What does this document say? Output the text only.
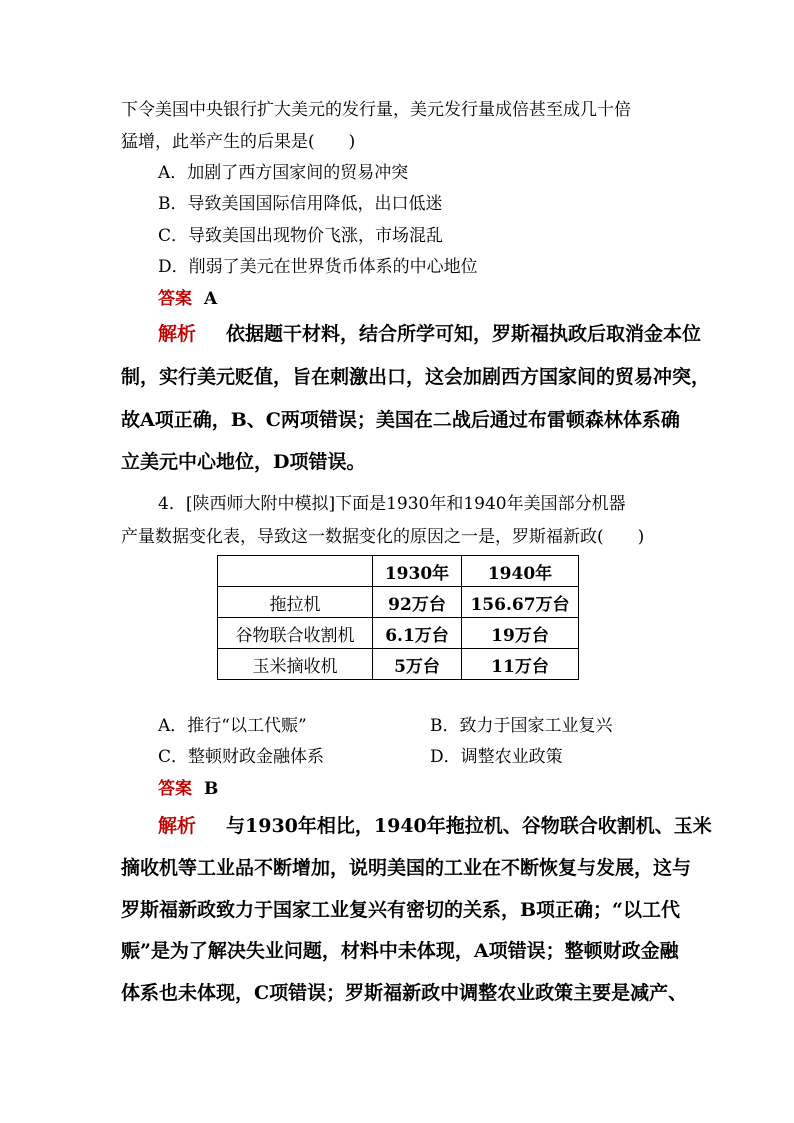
下令美国中央银行扩大美元的发行量，美元发行量成倍甚至成几十倍
猛增，此举产生的后果是(　　)
A．加剧了西方国家间的贸易冲突
B．导致美国国际信用降低，出口低迷
C．导致美国出现物价飞涨，市场混乱
D．削弱了美元在世界货币体系的中心地位
答案 A
解析 依据题干材料，结合所学可知，罗斯福执政后取消金本位
制，实行美元贬值，旨在刺激出口，这会加剧西方国家间的贸易冲突，
故A项正确，B、C两项错误；美国在二战后通过布雷顿森林体系确
立美元中心地位，D项错误。
4．[陕西师大附中模拟]下面是1930年和1940年美国部分机器
产量数据变化表，导致这一数据变化的原因之一是，罗斯福新政(　　)
	1930年	1940年
拖拉机	92万台	156.67万台
谷物联合收割机	6.1万台	19万台
玉米摘收机	5万台	11万台
A．推行“以工代赈”	B．致力于国家工业复兴
C．整顿财政金融体系	D．调整农业政策
答案 B
解析 与1930年相比，1940年拖拉机、谷物联合收割机、玉米
摘收机等工业品不断增加，说明美国的工业在不断恢复与发展，这与
罗斯福新政致力于国家工业复兴有密切的关系，B项正确；“以工代
赈”是为了解决失业问题，材料中未体现，A项错误；整顿财政金融
体系也未体现，C项错误；罗斯福新政中调整农业政策主要是减产、
